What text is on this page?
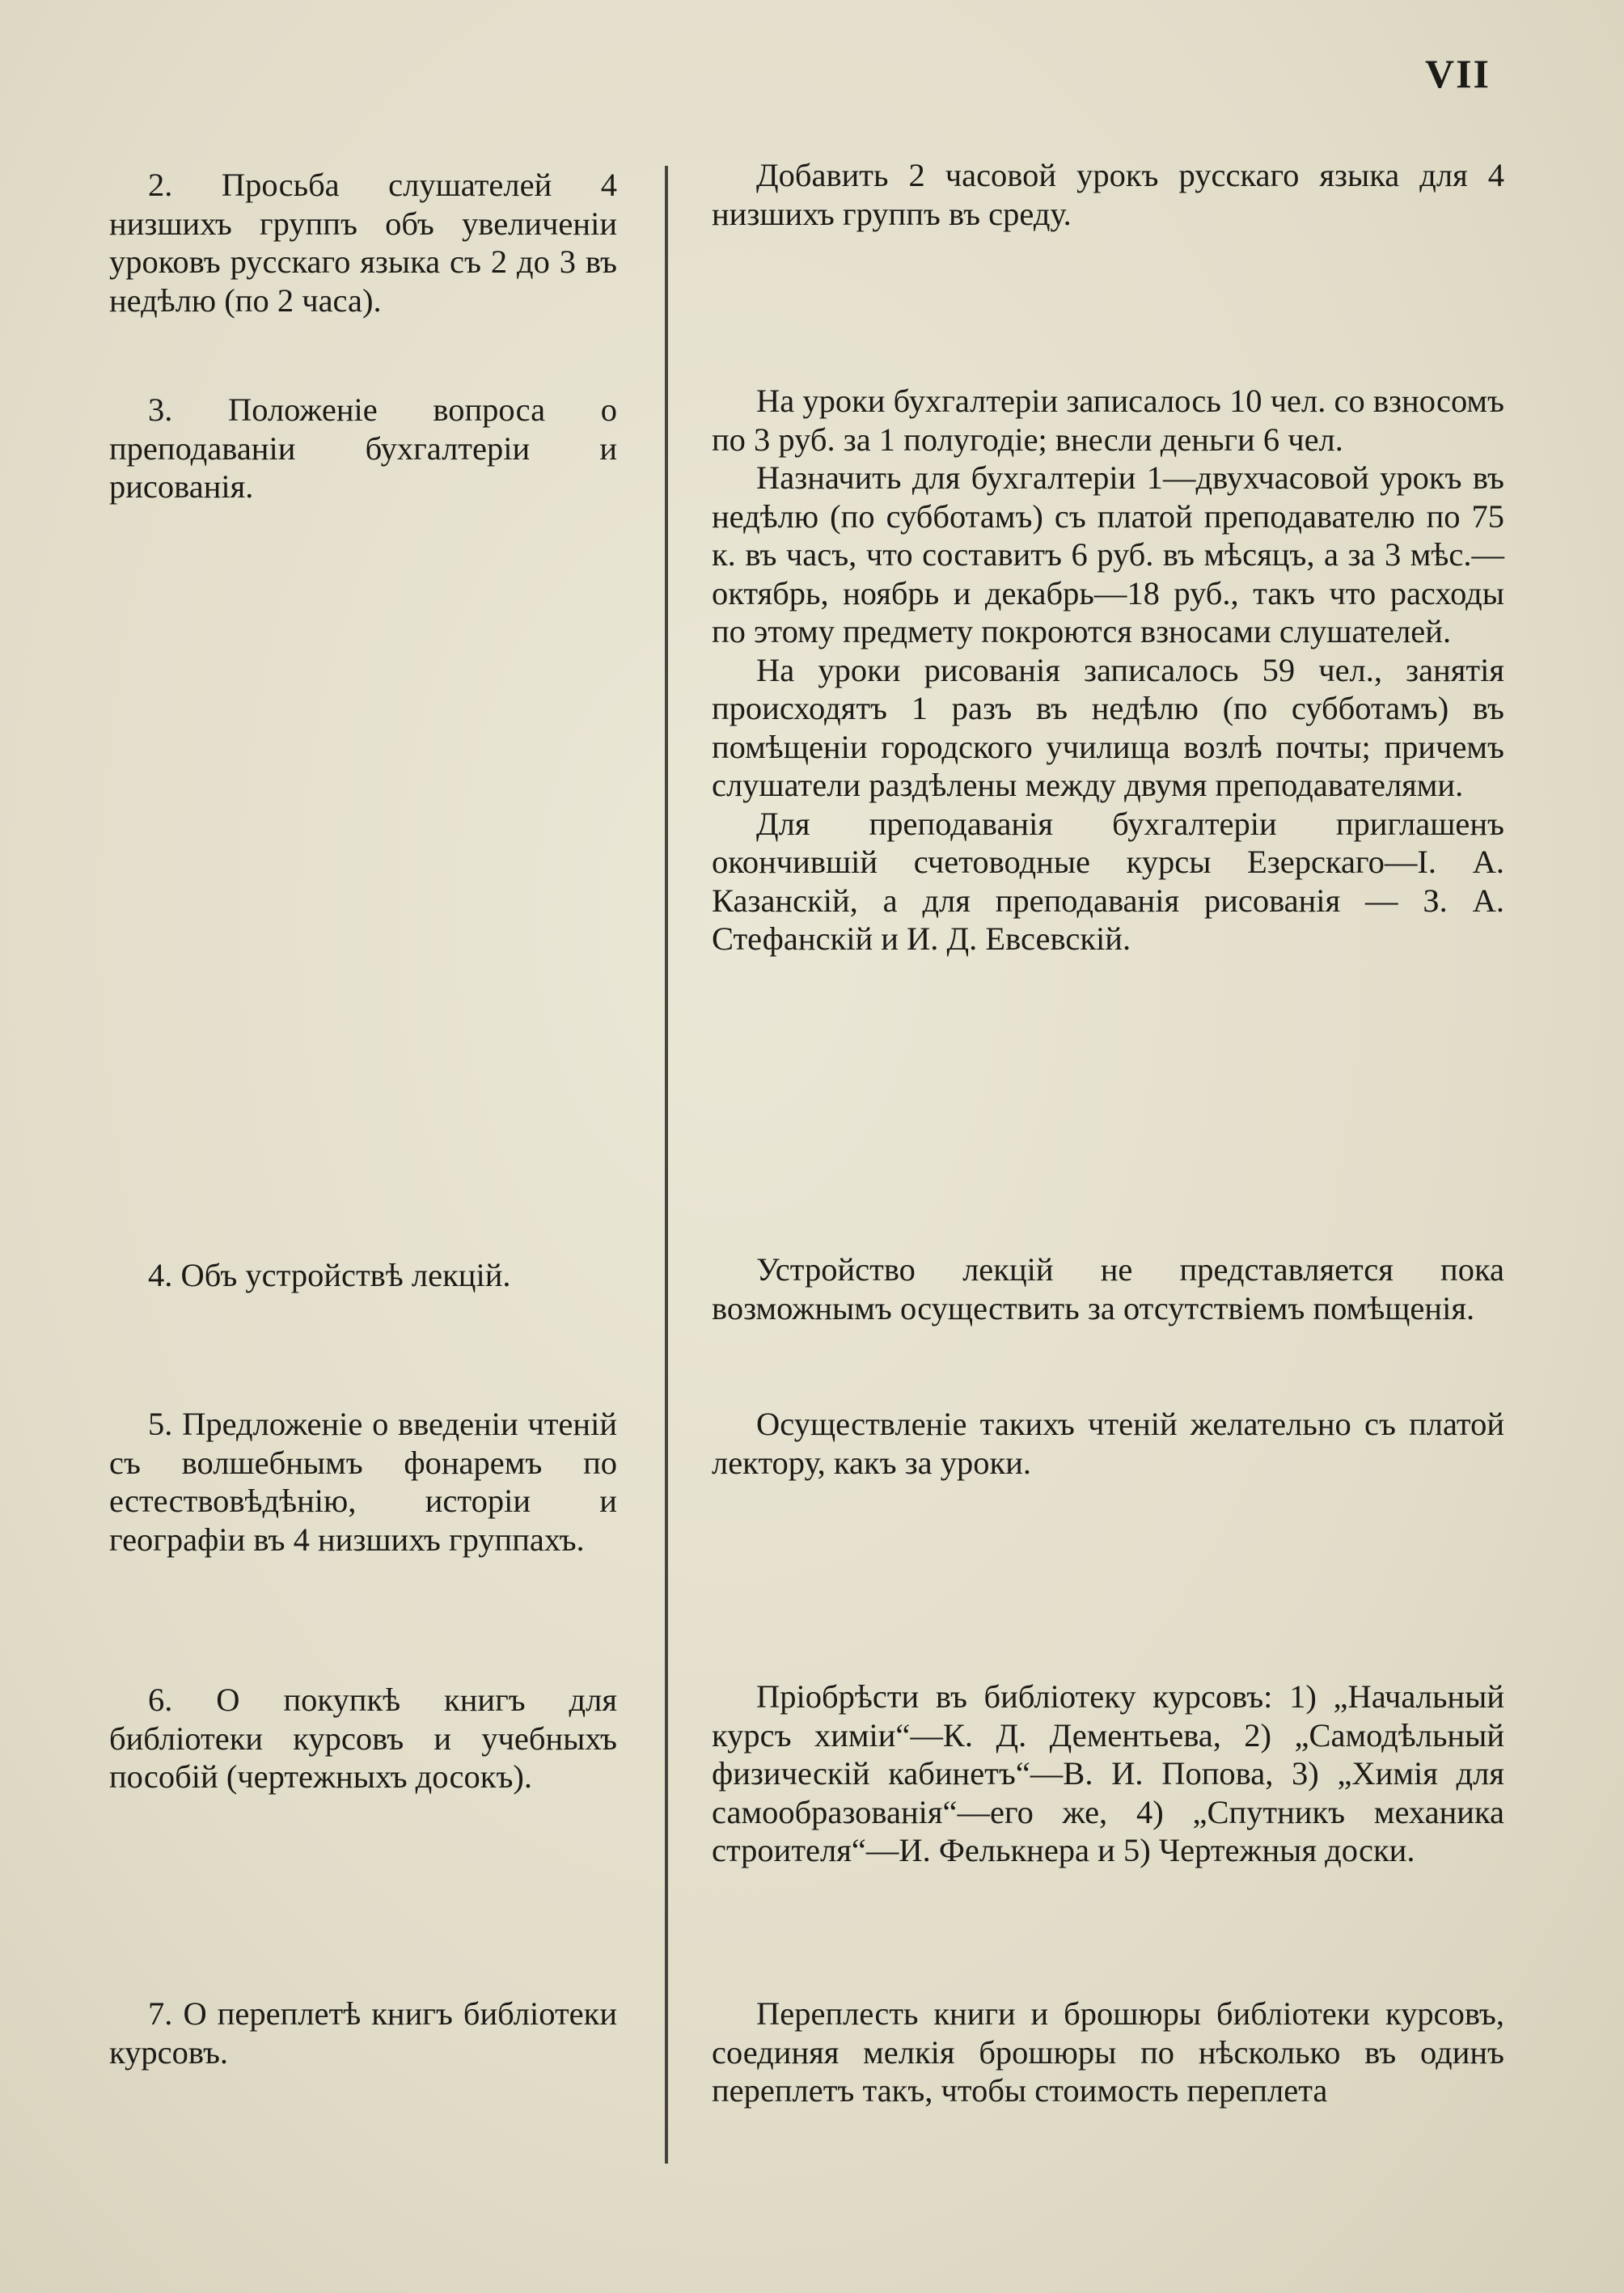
VII
2. Просьба слушателей 4 низшихъ группъ объ увеличеніи уроковъ русскаго языка съ 2 до 3 въ недѣлю (по 2 часа).

Добавить 2 часовой урокъ русскаго языка для 4 низшихъ группъ въ среду.

3. Положеніе вопроса о преподаваніи бухгалтеріи и рисованія.

На уроки бухгалтеріи записалось 10 чел. со взносомъ по 3 руб. за 1 полугодіе; внесли деньги 6 чел.

Назначить для бухгалтеріи 1—двухчасовой урокъ въ недѣлю (по субботамъ) съ платой преподавателю по 75 к. въ часъ, что составитъ 6 руб. въ мѣсяцъ, а за 3 мѣс.—октябрь, ноябрь и декабрь—18 руб., такъ что расходы по этому предмету покроются взносами слушателей.

На уроки рисованія записалось 59 чел., занятія происходятъ 1 разъ въ недѣлю (по субботамъ) въ помѣщеніи городского училища возлѣ почты; причемъ слушатели раздѣлены между двумя преподавателями.

Для преподаванія бухгалтеріи приглашенъ окончившій счетоводные курсы Езерскаго—І. А. Казанскій, а для преподаванія рисованія — З. А. Стефанскій и И. Д. Евсевскій.

4. Объ устройствѣ лекцій.	Устройство лекцій не представляется пока возможнымъ осуществить за отсутствіемъ помѣщенія.

5. Предложеніе о введеніи чтеній съ волшебнымъ фонаремъ по естествовѣдѣнію, исторіи и географіи въ 4 низшихъ группахъ.

Осуществленіе такихъ чтеній желательно съ платой лектору, какъ за уроки.

6. О покупкѣ книгъ для библіотеки курсовъ и учебныхъ пособій (чертежныхъ досокъ).

Пріобрѣсти въ библіотеку курсовъ: 1) „Начальный курсъ химіи“—К. Д. Дементьева, 2) „Самодѣльный физическій кабинетъ“—В. И. Попова, 3) „Химія для самообразованія“—его же, 4) „Спутникъ механика строителя“—И. Фелькнера и 5) Чертежныя доски.

7. О переплетѣ книгъ библіотеки курсовъ.

Переплесть книги и брошюры библіотеки курсовъ, соединяя мелкія брошюры по нѣсколько въ одинъ переплетъ такъ, чтобы стоимость переплета
